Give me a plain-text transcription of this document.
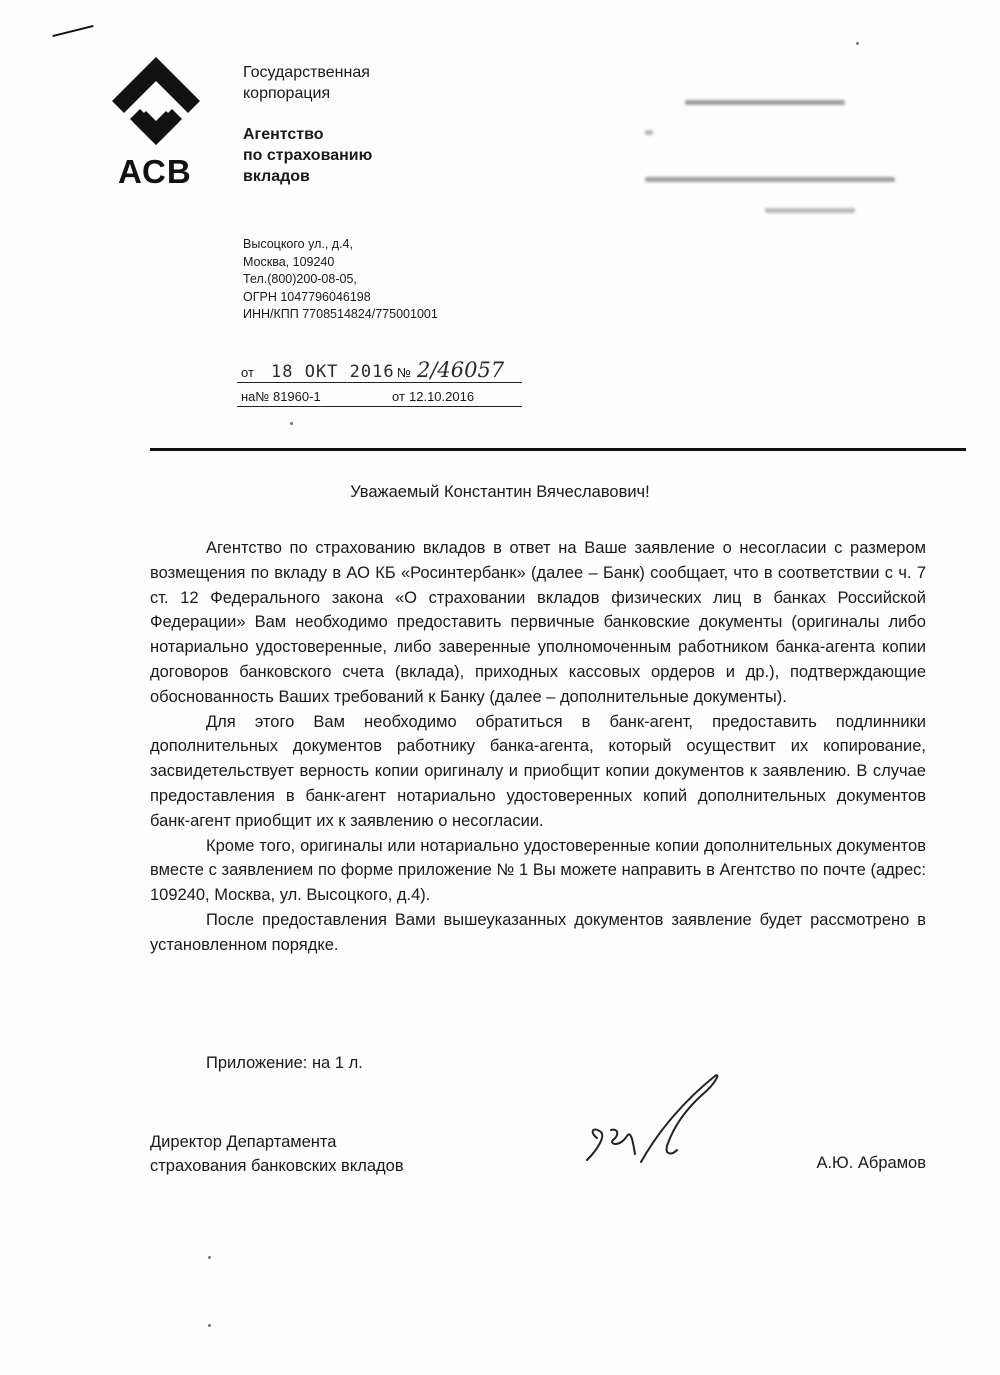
АСВ
Государственная
корпорация
Агентство
по страхованию
вкладов
Высоцкого ул., д.4,
Москва, 109240
Тел.(800)200-08-05,
ОГРН 1047796046198
ИНН/КПП 7708514824/775001001
от 18 ОКТ 2016 № 2/46057
на№ 81960-1	от 12.10.2016
Уважаемый Константин Вячеславович!

Агентство по страхованию вкладов в ответ на Ваше заявление о несогласии с размером возмещения по вкладу в АО КБ «Росинтербанк» (далее – Банк) сообщает, что в соответствии с ч. 7 ст. 12 Федерального закона «О страховании вкладов физических лиц в банках Российской Федерации» Вам необходимо предоставить первичные банковские документы (оригиналы либо нотариально удостоверенные, либо заверенные уполномоченным работником банка-агента копии договоров банковского счета (вклада), приходных кассовых ордеров и др.), подтверждающие обоснованность Ваших требований к Банку (далее – дополнительные документы).

Для этого Вам необходимо обратиться в банк-агент, предоставить подлинники дополнительных документов работнику банка-агента, который осуществит их копирование, засвидетельствует верность копии оригиналу и приобщит копии документов к заявлению. В случае предоставления в банк-агент нотариально удостоверенных копий дополнительных документов банк-агент приобщит их к заявлению о несогласии.

Кроме того, оригиналы или нотариально удостоверенные копии дополнительных документов вместе с заявлением по форме приложение № 1 Вы можете направить в Агентство по почте (адрес: 109240, Москва, ул. Высоцкого, д.4).

После предоставления Вами вышеуказанных документов заявление будет рассмотрено в установленном порядке.

Приложение: на 1 л.
Директор Департамента
страхования банковских вкладов	А.Ю. Абрамов
